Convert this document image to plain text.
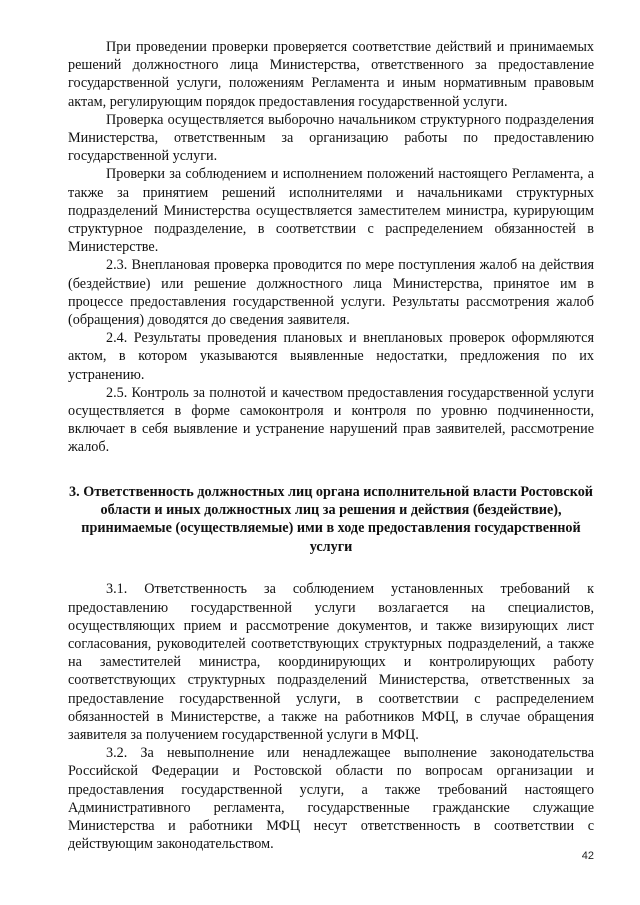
При проведении проверки проверяется соответствие действий и принимаемых решений должностного лица Министерства, ответственного за предоставление государственной услуги, положениям Регламента и иным нормативным правовым актам, регулирующим порядок предоставления государственной услуги.

Проверка осуществляется выборочно начальником структурного подразделения Министерства, ответственным за организацию работы по предоставлению государственной услуги.

Проверки за соблюдением и исполнением положений настоящего Регламента, а также за принятием решений исполнителями и начальниками структурных подразделений Министерства осуществляется заместителем министра, курирующим структурное подразделение, в соответствии с распределением обязанностей в Министерстве.

2.3. Внеплановая проверка проводится по мере поступления жалоб на действия (бездействие) или решение должностного лица Министерства, принятое им в процессе предоставления государственной услуги. Результаты рассмотрения жалоб (обращения) доводятся до сведения заявителя.

2.4. Результаты проведения плановых и внеплановых проверок оформляются актом, в котором указываются выявленные недостатки, предложения по их устранению.

2.5. Контроль за полнотой и качеством предоставления государственной услуги осуществляется в форме самоконтроля и контроля по уровню подчиненности, включает в себя выявление и устранение нарушений прав заявителей, рассмотрение жалоб.

3. Ответственность должностных лиц органа исполнительной власти Ростовской области и иных должностных лиц за решения и действия (бездействие), принимаемые (осуществляемые) ими в ходе предоставления государственной услуги

3.1. Ответственность за соблюдением установленных требований к предоставлению государственной услуги возлагается на специалистов, осуществляющих прием и рассмотрение документов, и также визирующих лист согласования, руководителей соответствующих структурных подразделений, а также на заместителей министра, координирующих и контролирующих работу соответствующих структурных подразделений Министерства, ответственных за предоставление государственной услуги, в соответствии с распределением обязанностей в Министерстве, а также на работников МФЦ, в случае обращения заявителя за получением государственной услуги в МФЦ.

3.2. За невыполнение или ненадлежащее выполнение законодательства Российской Федерации и Ростовской области по вопросам организации и предоставления государственной услуги, а также требований настоящего Административного регламента, государственные гражданские служащие Министерства и работники МФЦ несут ответственность в соответствии с действующим законодательством.

42
